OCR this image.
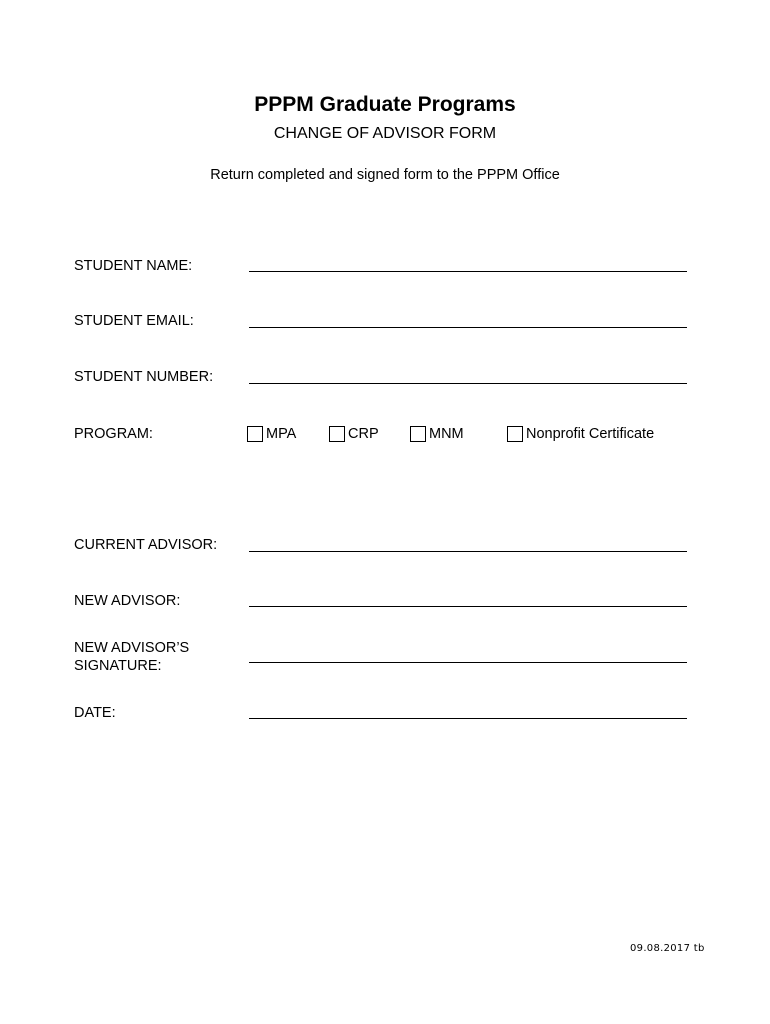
PPPM Graduate Programs
CHANGE OF ADVISOR FORM
Return completed and signed form to the PPPM Office
STUDENT NAME:
STUDENT EMAIL:
STUDENT NUMBER:
PROGRAM:	MPA	CRP	MNM	Nonprofit Certificate
CURRENT ADVISOR:
NEW ADVISOR:
NEW ADVISOR’S
SIGNATURE:
DATE:
09.08.2017 tb
